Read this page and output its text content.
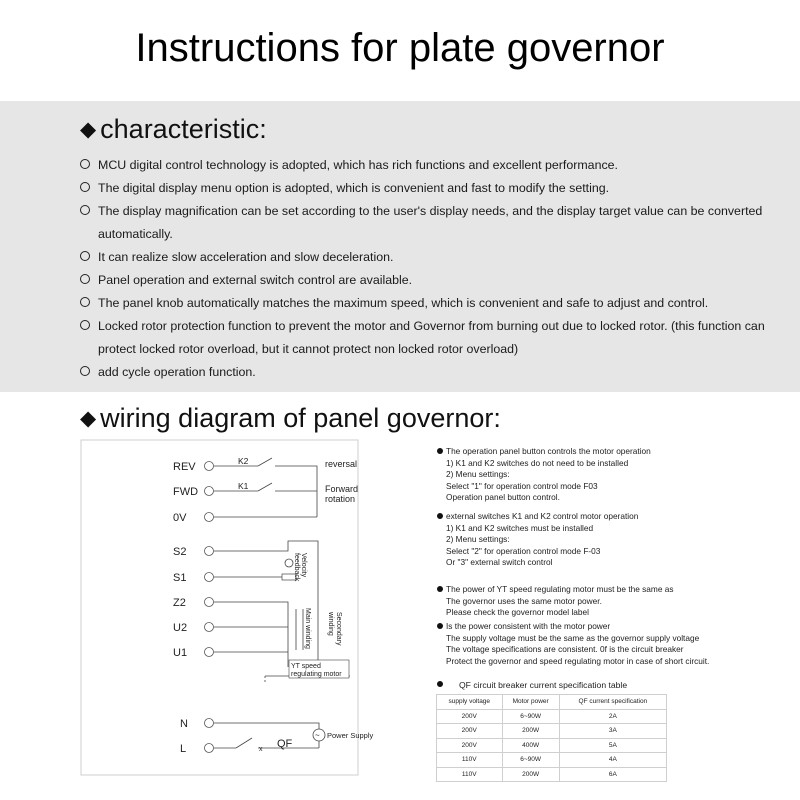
Instructions for plate governor
◆ characteristic:
MCU digital control technology is adopted, which has rich functions and excellent performance.
The digital display menu option is adopted, which is convenient and fast to modify the setting.
The display magnification can be set according to the user's display needs, and the display target value can be converted automatically.
It can realize slow acceleration and slow deceleration.
Panel operation and external switch control are available.
The panel knob automatically matches the maximum speed, which is convenient and safe to adjust and control.
Locked rotor protection function to prevent the motor and Governor from burning out due to locked rotor. (this function can protect locked rotor overload, but it cannot protect non locked rotor overload)
add cycle operation function.
◆ wiring diagram of panel governor:
REV
FWD
0V
S2
S1
Z2
U2
U1
N
L
K2
K1
reversal
Forward
rotation
Velocity
feedback
Main winding	Secondary
winding
YT speed
regulating motor
~ Power Supply
QF
x
The operation panel button controls the motor operation
1) K1 and K2 switches do not need to be installed
2) Menu settings:
Select "1" for operation control mode F03
Operation panel button control.
external switches K1 and K2 control motor operation
1) K1 and K2 switches must be installed
2) Menu settings:
Select "2" for operation control mode F-03
Or "3" external switch control
The power of YT speed regulating motor must be the same as
The governor uses the same motor power.
Please check the governor model label
Is the power consistent with the motor power
The supply voltage must be the same as the governor supply voltage
The voltage specifications are consistent. 0f is the circuit breaker
Protect the governor and speed regulating motor in case of short circuit.
QF circuit breaker current specification table
supply voltage	Motor power	QF current specification
200V	6~90W	2A
200V	200W	3A
200V	400W	5A
110V	6~90W	4A
110V	200W	6A
